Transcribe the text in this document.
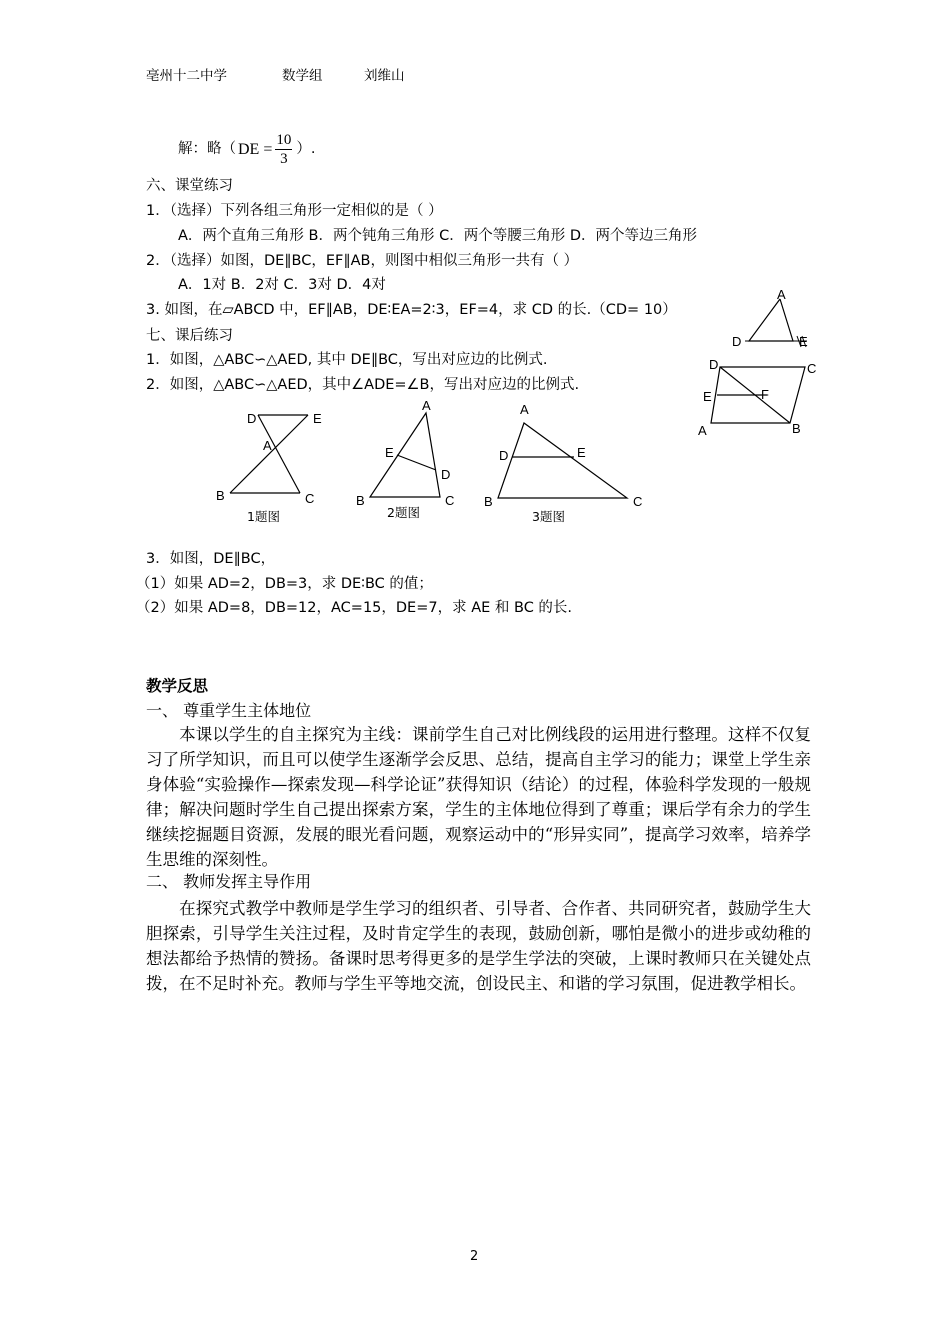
亳州十二中学	数学组	刘维山
解：略（ DE = $\frac{10}{3}$ ）.
六、课堂练习
1．（选择）下列各组三角形一定相似的是（ ）
A．两个直角三角形 B．两个钝角三角形 C．两个等腰三角形 D．两个等边三角形
2．（选择）如图，DE∥BC，EF∥AB，则图中相似三角形一共有（ ）
A．1对 B．2对 C．3对 D．4对
3. 如图，在▱ABCD 中，EF∥AB，DE∶EA=2∶3，EF=4，求 CD 的长.（CD= 10）
七、课后练习
1．如图，△ABC∽△AED, 其中 DE∥BC，写出对应边的比例式.
2．如图，△ABC∽△AED，其中∠ADE=∠B，写出对应边的比例式.
A
D	E
D	C
E	F
A	B
D	E
A
B	C
1题图
A
E
D
B	C
2题图
A
D	E
B	C
3题图
3．如图，DE∥BC，
（1）如果 AD=2，DB=3，求 DE∶BC 的值；
（2）如果 AD=8，DB=12，AC=15，DE=7，求 AE 和 BC 的长.
教学反思
一、 尊重学生主体地位
本课以学生的自主探究为主线：课前学生自己对比例线段的运用进行整理。这样不仅复习了所学知识，而且可以使学生逐渐学会反思、总结，提高自主学习的能力；课堂上学生亲身体验“实验操作—探索发现—科学论证”获得知识（结论）的过程，体验科学发现的一般规律；解决问题时学生自己提出探索方案，学生的主体地位得到了尊重；课后学有余力的学生继续挖掘题目资源，发展的眼光看问题，观察运动中的“形异实同”，提高学习效率，培养学生思维的深刻性。
二、 教师发挥主导作用
在探究式教学中教师是学生学习的组织者、引导者、合作者、共同研究者，鼓励学生大胆探索，引导学生关注过程，及时肯定学生的表现，鼓励创新，哪怕是微小的进步或幼稚的想法都给予热情的赞扬。备课时思考得更多的是学生学法的突破，上课时教师只在关键处点拨，在不足时补充。教师与学生平等地交流，创设民主、和谐的学习氛围，促进教学相长。
2
